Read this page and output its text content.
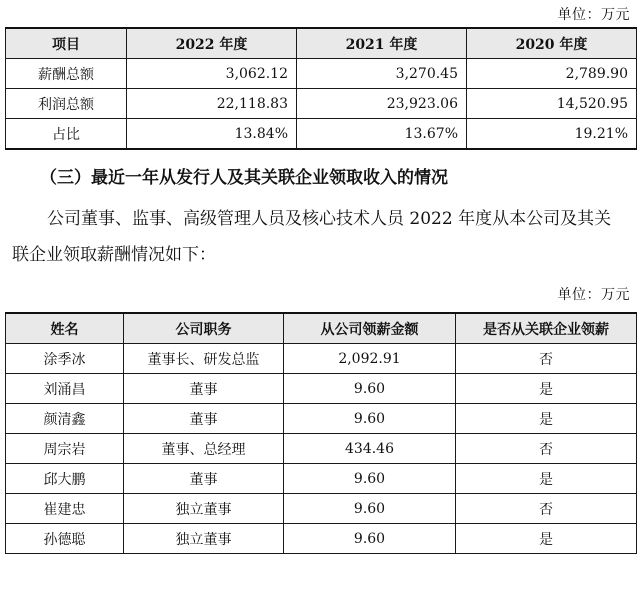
单位：万元
项目	2022 年度	2021 年度	2020 年度
薪酬总额	3,062.12	3,270.45	2,789.90
利润总额	22,118.83	23,923.06	14,520.95
占比	13.84%	13.67%	19.21%
（三）最近一年从发行人及其关联企业领取收入的情况
公司董事、监事、高级管理人员及核心技术人员 2022 年度从本公司及其关
联企业领取薪酬情况如下：
单位：万元
姓名	公司职务	从公司领薪金额	是否从关联企业领薪
涂季冰	董事长、研发总监	2,092.91	否
刘涌昌	董事	9.60	是
颜清鑫	董事	9.60	是
周宗岩	董事、总经理	434.46	否
邱大鹏	董事	9.60	是
崔建忠	独立董事	9.60	否
孙德聪	独立董事	9.60	是
